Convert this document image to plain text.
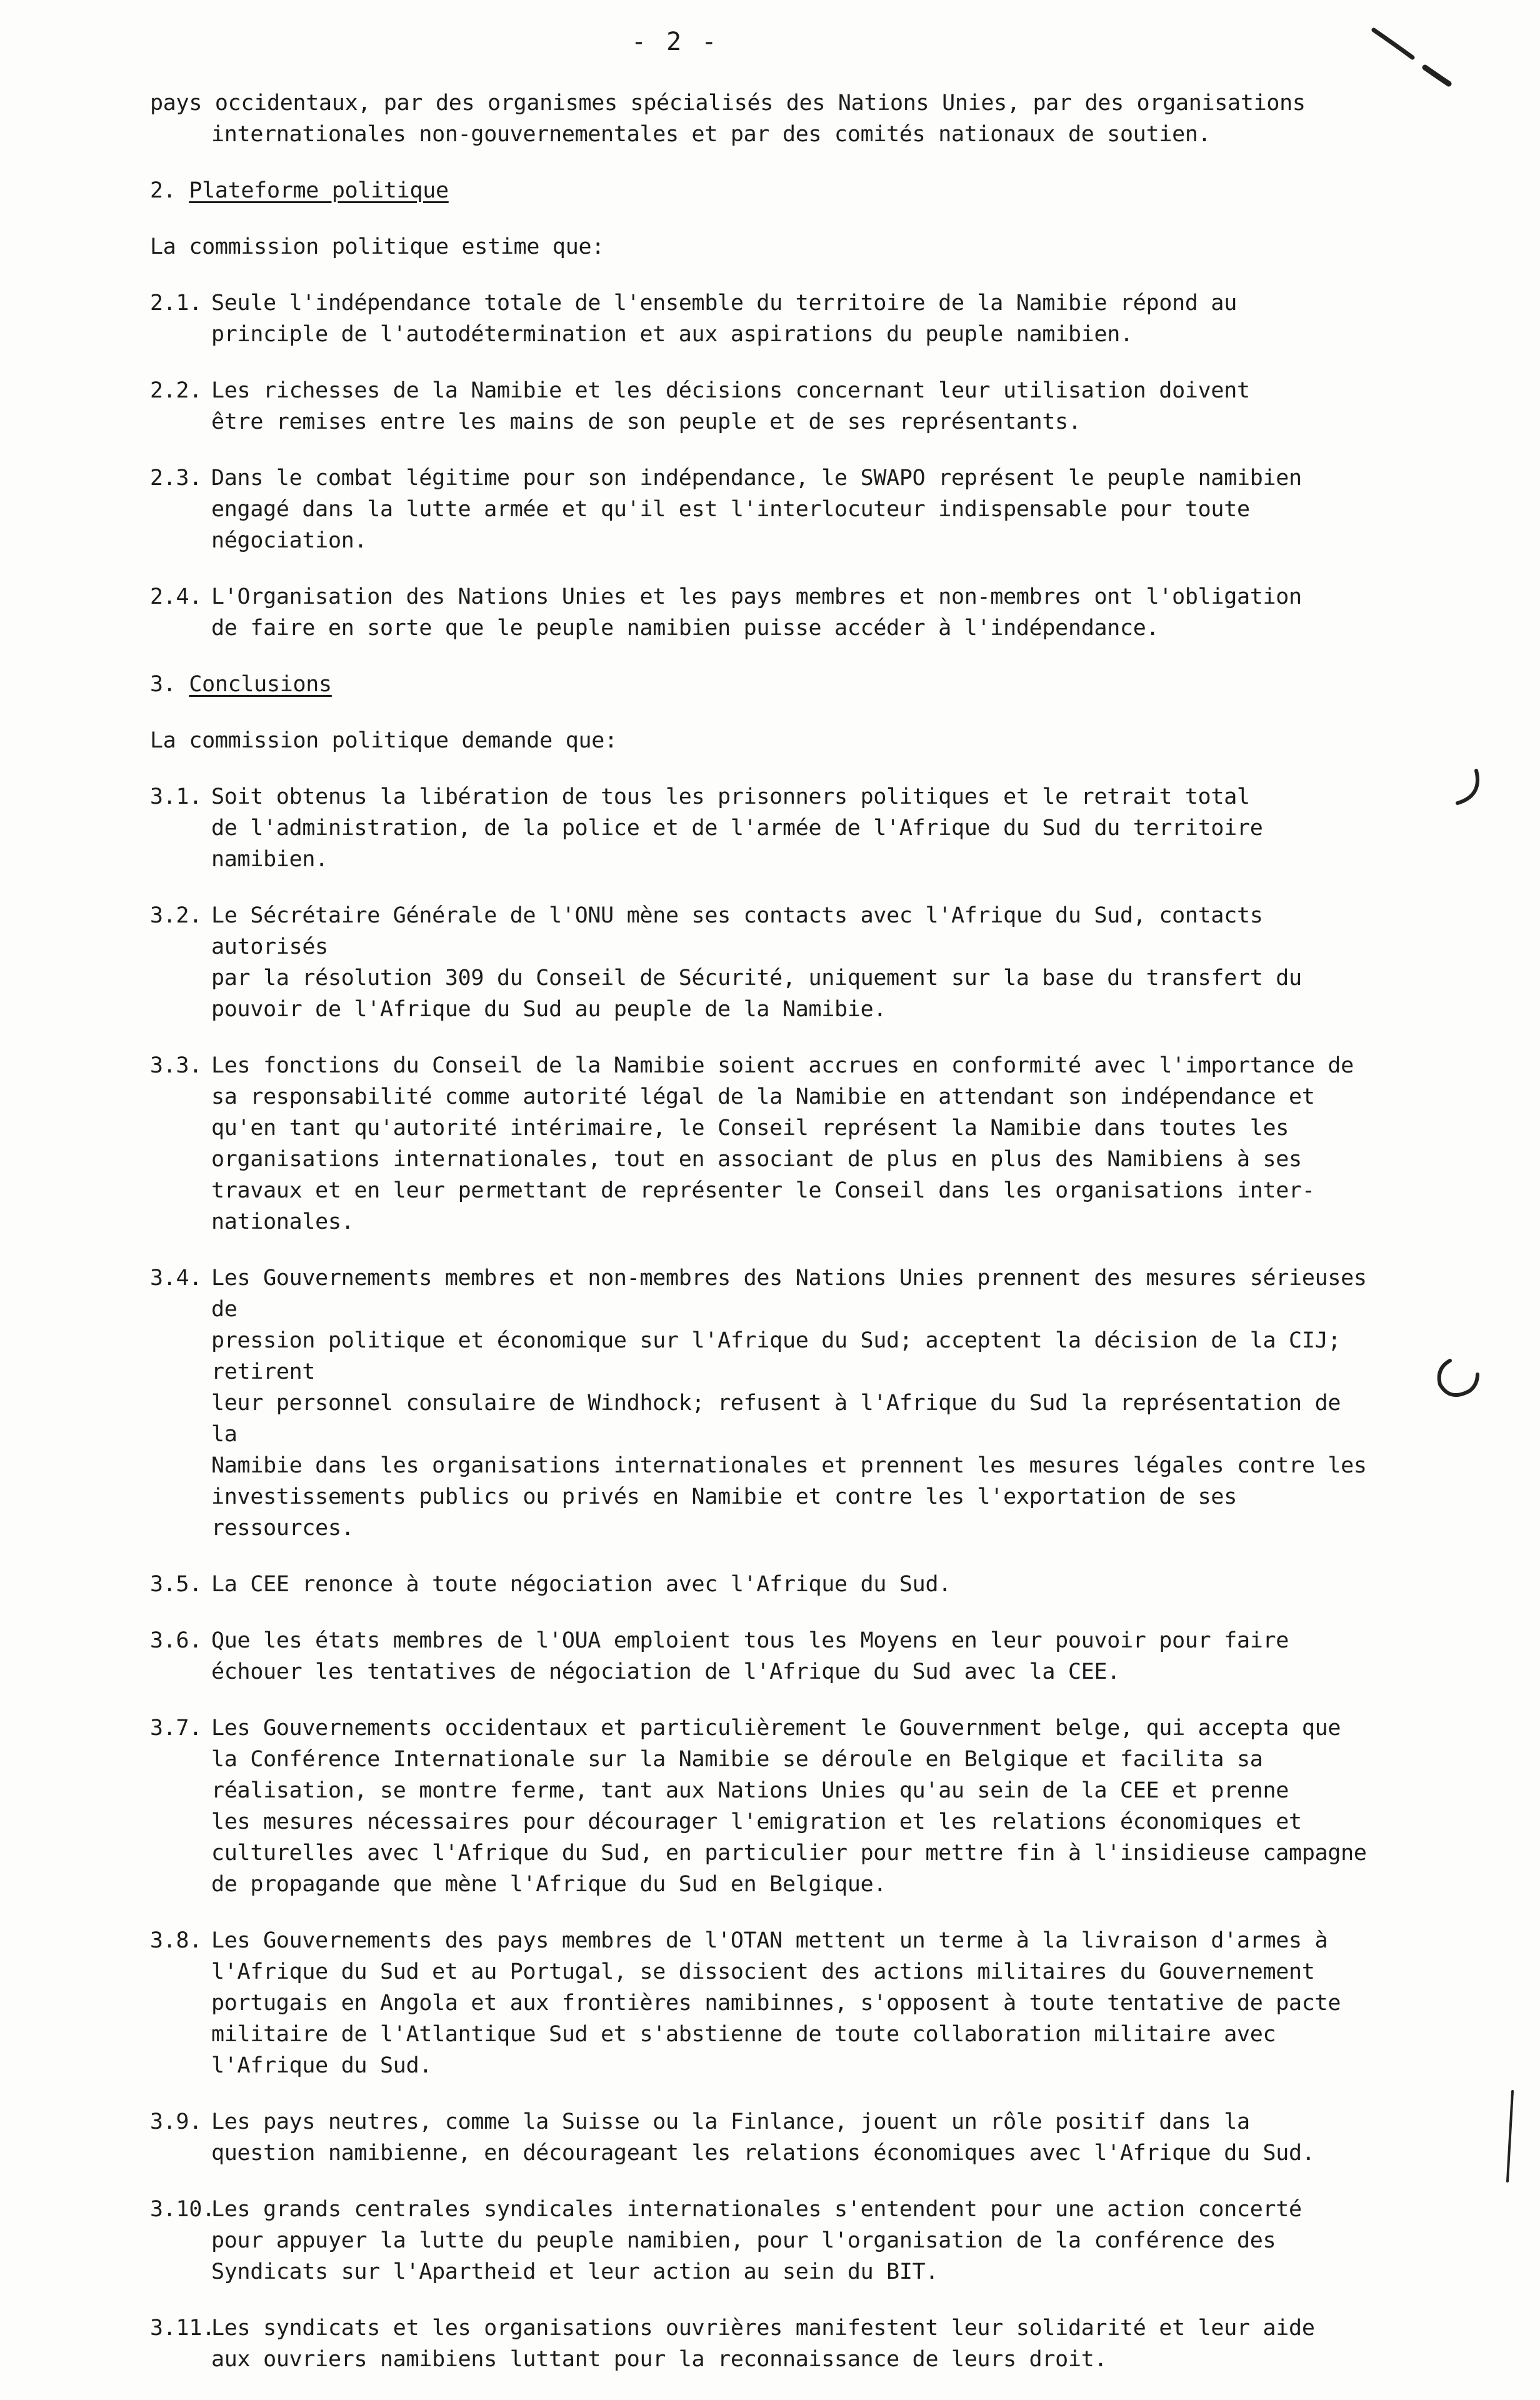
- 2 -
pays occidentaux, par des organismes spécialisés des Nations Unies, par des organisations
internationales non-gouvernementales et par des comités nationaux de soutien.
2. Plateforme politique
La commission politique estime que:
2.1. Seule l'indépendance totale de l'ensemble du territoire de la Namibie répond au
principle de l'autodétermination et aux aspirations du peuple namibien.
2.2. Les richesses de la Namibie et les décisions concernant leur utilisation doivent
être remises entre les mains de son peuple et de ses représentants.
2.3. Dans le combat légitime pour son indépendance, le SWAPO représent le peuple namibien
engagé dans la lutte armée et qu'il est l'interlocuteur indispensable pour toute
négociation.
2.4. L'Organisation des Nations Unies et les pays membres et non-membres ont l'obligation
de faire en sorte que le peuple namibien puisse accéder à l'indépendance.
3. Conclusions
La commission politique demande que:
3.1. Soit obtenus la libération de tous les prisonners politiques et le retrait total
de l'administration, de la police et de l'armée de l'Afrique du Sud du territoire namibien.
3.2. Le Sécrétaire Générale de l'ONU mène ses contacts avec l'Afrique du Sud, contacts autorisés
par la résolution 309 du Conseil de Sécurité, uniquement sur la base du transfert du
pouvoir de l'Afrique du Sud au peuple de la Namibie.
3.3. Les fonctions du Conseil de la Namibie soient accrues en conformité avec l'importance de
sa responsabilité comme autorité légal de la Namibie en attendant son indépendance et
qu'en tant qu'autorité intérimaire, le Conseil représent la Namibie dans toutes les
organisations internationales, tout en associant de plus en plus des Namibiens à ses
travaux et en leur permettant de représenter le Conseil dans les organisations inter-
nationales.
3.4. Les Gouvernements membres et non-membres des Nations Unies prennent des mesures sérieuses de
pression politique et économique sur l'Afrique du Sud; acceptent la décision de la CIJ; retirent
leur personnel consulaire de Windhock; refusent à l'Afrique du Sud la représentation de la
Namibie dans les organisations internationales et prennent les mesures légales contre les
investissements publics ou privés en Namibie et contre les l'exportation de ses ressources.
3.5. La CEE renonce à toute négociation avec l'Afrique du Sud.
3.6. Que les états membres de l'OUA emploient tous les Moyens en leur pouvoir pour faire
échouer les tentatives de négociation de l'Afrique du Sud avec la CEE.
3.7. Les Gouvernements occidentaux et particulièrement le Gouvernment belge, qui accepta que
la Conférence Internationale sur la Namibie se déroule en Belgique et facilita sa
réalisation, se montre ferme, tant aux Nations Unies qu'au sein de la CEE et prenne
les mesures nécessaires pour décourager l'emigration et les relations économiques et
culturelles avec l'Afrique du Sud, en particulier pour mettre fin à l'insidieuse campagne
de propagande que mène l'Afrique du Sud en Belgique.
3.8. Les Gouvernements des pays membres de l'OTAN mettent un terme à la livraison d'armes à
l'Afrique du Sud et au Portugal, se dissocient des actions militaires du Gouvernement
portugais en Angola et aux frontières namibinnes, s'opposent à toute tentative de pacte
militaire de l'Atlantique Sud et s'abstienne de toute collaboration militaire avec
l'Afrique du Sud.
3.9. Les pays neutres, comme la Suisse ou la Finlance, jouent un rôle positif dans la
question namibienne, en décourageant les relations économiques avec l'Afrique du Sud.
3.10.Les grands centrales syndicales internationales s'entendent pour une action concerté
pour appuyer la lutte du peuple namibien, pour l'organisation de la conférence des
Syndicats sur l'Apartheid et leur action au sein du BIT.
3.11.Les syndicats et les organisations ouvrières manifestent leur solidarité et leur aide
aux ouvriers namibiens luttant pour la reconnaissance de leurs droit.
